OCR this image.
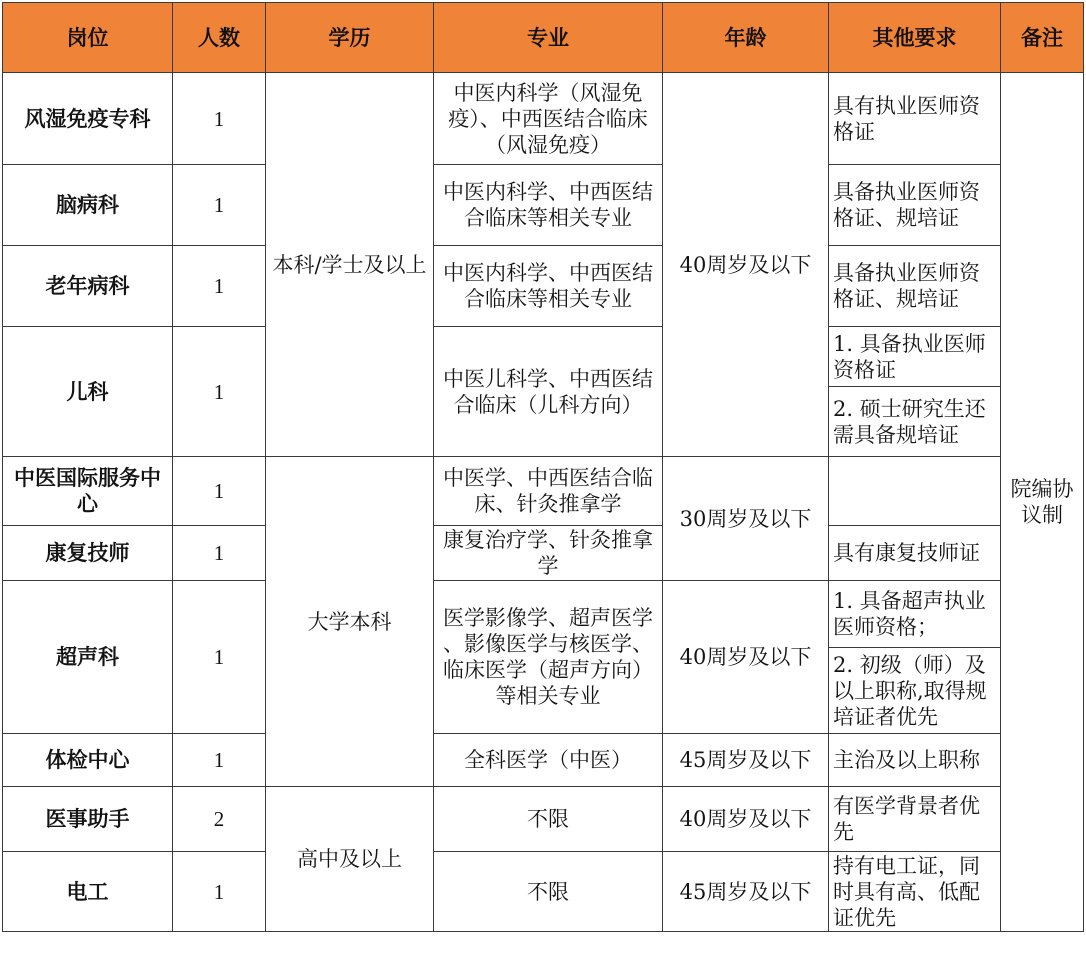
岗位	人数	学历	专业	年龄	其他要求	备注

风湿免疫专科	1	本科/学士及以上	中医内科学（风湿免
疫）、中西医结合临床
（风湿免疫）	40周岁及以下	具有执业医师资
格证	院编协
议制

脑病科	1		中医内科学、中西医结
合临床等相关专业		具备执业医师资
格证、规培证	

老年病科	1		中医内科学、中西医结
合临床等相关专业		具备执业医师资
格证、规培证	

儿科	1		中医儿科学、中西医结
合临床（儿科方向）		1. 具备执业医师
资格证	

					2. 硕士研究生还
需具备规培证	

中医国际服务中
心	1	大学本科	中医学、中西医结合临
床、针灸推拿学	30周岁及以下		

康复技师	1		康复治疗学、针灸推拿
学		具有康复技师证	

超声科	1		医学影像学、超声医学
、影像医学与核医学、
临床医学（超声方向）
等相关专业	40周岁及以下	1. 具备超声执业
医师资格；	

					2. 初级（师）及
以上职称,取得规
培证者优先	

体检中心	1		全科医学（中医）	45周岁及以下	主治及以上职称	

医事助手	2	高中及以上	不限	40周岁及以下	有医学背景者优
先	

电工	1		不限	45周岁及以下	持有电工证，同
时具有高、低配
证优先	
